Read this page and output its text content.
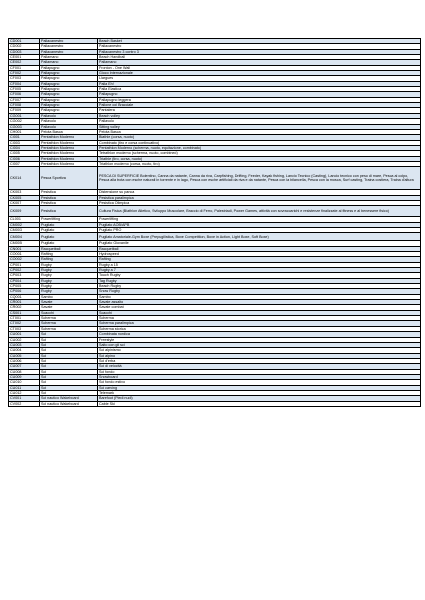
CD001	Pallacanestro	Beach Basket
CD002	Pallacanestro	Pallacanestro
CD003	Pallacanestro	Pallacanestro 3 contro 3
CE001	Pallamano	Beach Handball
CE002	Pallamano	Pallamano
CF001	Pallapugno	Fronton - One Wall
CF002	Pallapugno	Gioco Internazionale
CF003	Pallapugno	Llargues
CF004	Pallapugno	Palla Eh!
CF005	Pallapugno	Palla Elastica
CF006	Pallapugno	Pallapugno
CF007	Pallapugno	Pallapugno leggera
CF008	Pallapugno	Pallone col Bracciale
CF009	Pallapugno	Pantalera
CG001	Pallavolo	Beach volley
CG002	Pallavolo	Pallavolo
CG003	Pallavolo	Sitting volley
CH001	Pelota Basca	Pelota Basca
CI001	Pentathlon Moderno	Biathle (corsa, nuoto)
CI003	Pentathlon Moderno	Combinato (tiro e corsa continuativo)
CI004	Pentathlon Moderno	Pentathlon Moderno (scherma, nuoto, equitazione, combinato)
CI005	Pentathlon Moderno	Tetrathlon moderno (scherma, nuoto, combined)
CI006	Pentathlon Moderno	Triathle (tiro, corsa, nuoto)
CI007	Pentathlon Moderno	Triathlon moderno (corsa, nuoto, tiro)
CK014	Pesca Sportiva	PESCA DI SUPERFICIE Bolentino, Canna da natante, Canna da riva, Carpfishing, Drifting, Feeder, Kayak fishing, Lancio Tecnico (Casting), Lancio tecnico con peso di mare, Pesca al colpo, Pesca alla trota con esche naturali in torrente e in lago, Pesca con esche artificiali da riva e da natante, Pesca con la bilancella, Pesca con la mosca, Surf casting, Traina costiera, Traina d'altura
CK003	Pesistica	Distensione su panca
CK005	Pesistica	Pesistica paralimpica
CK007	Pesistica	Pesistica Olimpica
CK009	Pesistica	Cultura Fisica (Biathlon Atletico, Sviluppo Muscolare, Braccio di Ferro, Palestriadi, Power Games, attività con sovraccarichi e resistenze finalizzate al fitness e al benessere fisico)
CL001	Powerlifting	Powerlifting
CM002	Pugilato	Pugilato AOB/APB
CM003	Pugilato	Pugilato PRO
CM004	Pugilato	Pugilato Amatoriale-Gym Boxe (Prepugilistica, Boxe Competition, Boxe in Action, Light Boxe, Soft Boxe)
CM005	Pugilato	Pugilato Giovanile
CN001	Racquetball	Racquetball
CO001	Rafting	Hydrospeed
CO002	Rafting	Rafting
CP001	Rugby	Rugby a 15
CP002	Rugby	Rugby a 7
CP003	Rugby	Touch Rugby
CP004	Rugby	Tag Rugby
CP005	Rugby	Beach Rugby
CP006	Rugby	Snow Rugby
CQ001	Sambo	Sambo
CR001	Savate	Savate assalto
CR002	Savate	Savate combat
CS001	Scacchi	Scacchi
CT001	Scherma	Scherma
CT002	Scherma	Scherma paralimpica
CT003	Scherma	Scherma storica
CU001	Sci	Combinata nordica
CU002	Sci	Freestyle
CU003	Sci	Salto con gli sci
CU004	Sci	Sci alpinismo
CU005	Sci	Sci alpino
CU006	Sci	Sci d'erba
CU007	Sci	Sci di velocità
CU008	Sci	Sci fondo
CU009	Sci	Snowboard
CU010	Sci	Sci fondo estivo
CU011	Sci	Sci carving
CU012	Sci	Telemark
CV001	Sci nautico Wakeboard	Barefoot (Piedi nudi)
CV002	Sci nautico Wakeboard	Cable Ski
